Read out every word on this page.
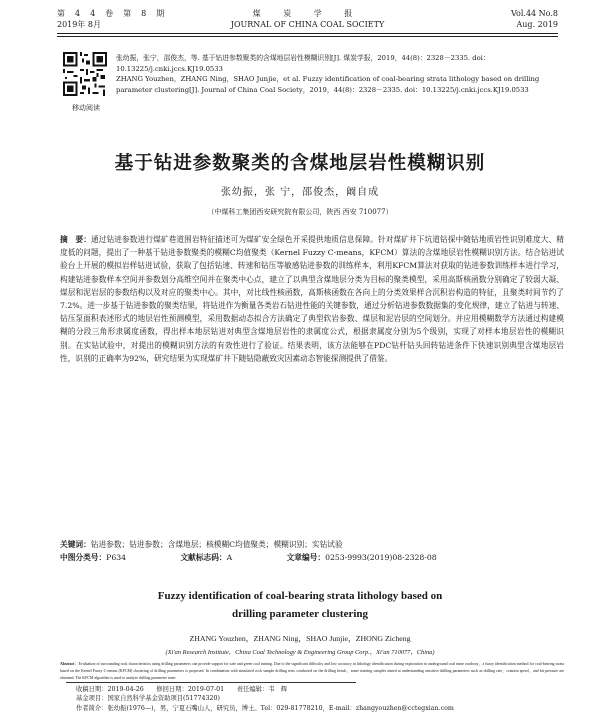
第44卷第8期
2019年 8月
煤 炭 学 报
JOURNAL OF CHINA COAL SOCIETY
Vol.44 No.8
Aug. 2019
移动阅读

张幼振，张宁，邵俊杰，等. 基于钻进参数聚类的含煤地层岩性模糊识别[J]. 煤炭学报，2019，44(8)：2328－2335. doi：10.13225/j.cnki.jccs.KJ19.0533

ZHANG Youzhen，ZHANG Ning，SHAO Junjie，et al. Fuzzy identification of coal-bearing strata lithology based on drilling parameter clustering[J]. Journal of China Coal Society，2019，44(8)：2328－2335. doi：10.13225/j.cnki.jccs.KJ19.0533

基于钻进参数聚类的含煤地层岩性模糊识别
张幼振，张 宁，邵俊杰，阚自成
（中煤科工集团西安研究院有限公司，陕西 西安 710077）

摘　要：通过钻进参数进行煤矿巷道围岩特征描述可为煤矿安全绿色开采提供地质信息保障。针对煤矿井下坑道钻探中随钻地质岩性识别难度大、精度低的问题，提出了一种基于钻进参数聚类的模糊C均值聚类（Kernel Fuzzy C-means，KFCM）算法的含煤地层岩性模糊识别方法。结合钻进试验台上开展的模拟岩样钻进试验，获取了包括钻速、转速和钻压等敏感钻进参数的训练样本，利用KFCM算法对获取的钻进参数训练样本进行学习，构建钻进参数样本空间并参数划分高维空间并在聚类中心点，建立了以典型含煤地层分类为目标的聚类模型，采用高斯核函数分别确定了较弱大凝、煤层和泥岩层的参数结构以及对应的聚类中心。其中，对比线性核函数，高斯核函数在各向上的分类效果样合沉积岩构造的特征，且聚类时间节约了7.2%。进一步基于钻进参数的聚类结果，将钻进作为衡量各类岩石钻进性能的关键参数，通过分析钻进参数数据集的变化规律，建立了钻进与转速、钻压泵面积表述形式的地层岩性预测模型，采用数据动态拟合方法确定了典型软岩参数、煤层和泥岩层的空间划分。并应用模糊数学方法通过构建模糊的分段三角形隶属度函数，得出样本地层钻进对典型含煤地层岩性的隶属度公式，根据隶属度分别为5个级别，实现了对样本地层岩性的模糊识别。在实钻试验中，对提出的模糊识别方法的有效性进行了验证。结果表明，该方法能够在PDC钻杆钻头回转钻进条件下快速识别典型含煤地层岩性，识别的正确率为92%，研究结果为实现煤矿井下随钻隐蔽致灾因素动态智能探测提供了借鉴。

关键词：钻进参数；钻进参数；含煤地层；核模糊C均值聚类；模糊识别；实钻试验

中图分类号：P634	文献标志码：A	文章编号：0253-9993(2019)08-2328-08
Fuzzy identification of coal-bearing strata lithology based on
drilling parameter clustering
ZHANG Youzhen，ZHANG Ning，SHAO Junjie，ZHONG Zicheng
(Xi'an Research Institute，China Coal Technology & Engineering Group Corp.，Xi'an 710077，China)

Abstract：Evaluation of surrounding rock characteristics using drilling parameters can provide support for safe and green coal mining. Due to the significant difficulty and low accuracy in lithology identification during exploration in underground coal mine roadway，a fuzzy identification method for coal-bearing strata based on the Kernel Fuzzy C-means (KFCM) clustering of drilling parameters is proposed. In combination with simulated rock sample drilling tests conducted on the drilling bench，some training samples aimed at understanding sensitive drilling parameters such as drilling rate，rotation speed，and bit pressure are obtained. The KFCM algorithm is used to analyze drilling parameter train-

收稿日期：2019-04-26　　修回日期：2019-07-01　　责任编辑：韦　辉

基金项目：国家自然科学基金资助项目(51774320)

作者简介：张幼振(1976—)，男，宁夏石嘴山人，研究员，博士。Tel：029-81778210，E-mail：zhangyouzhen@cctegxian.com
